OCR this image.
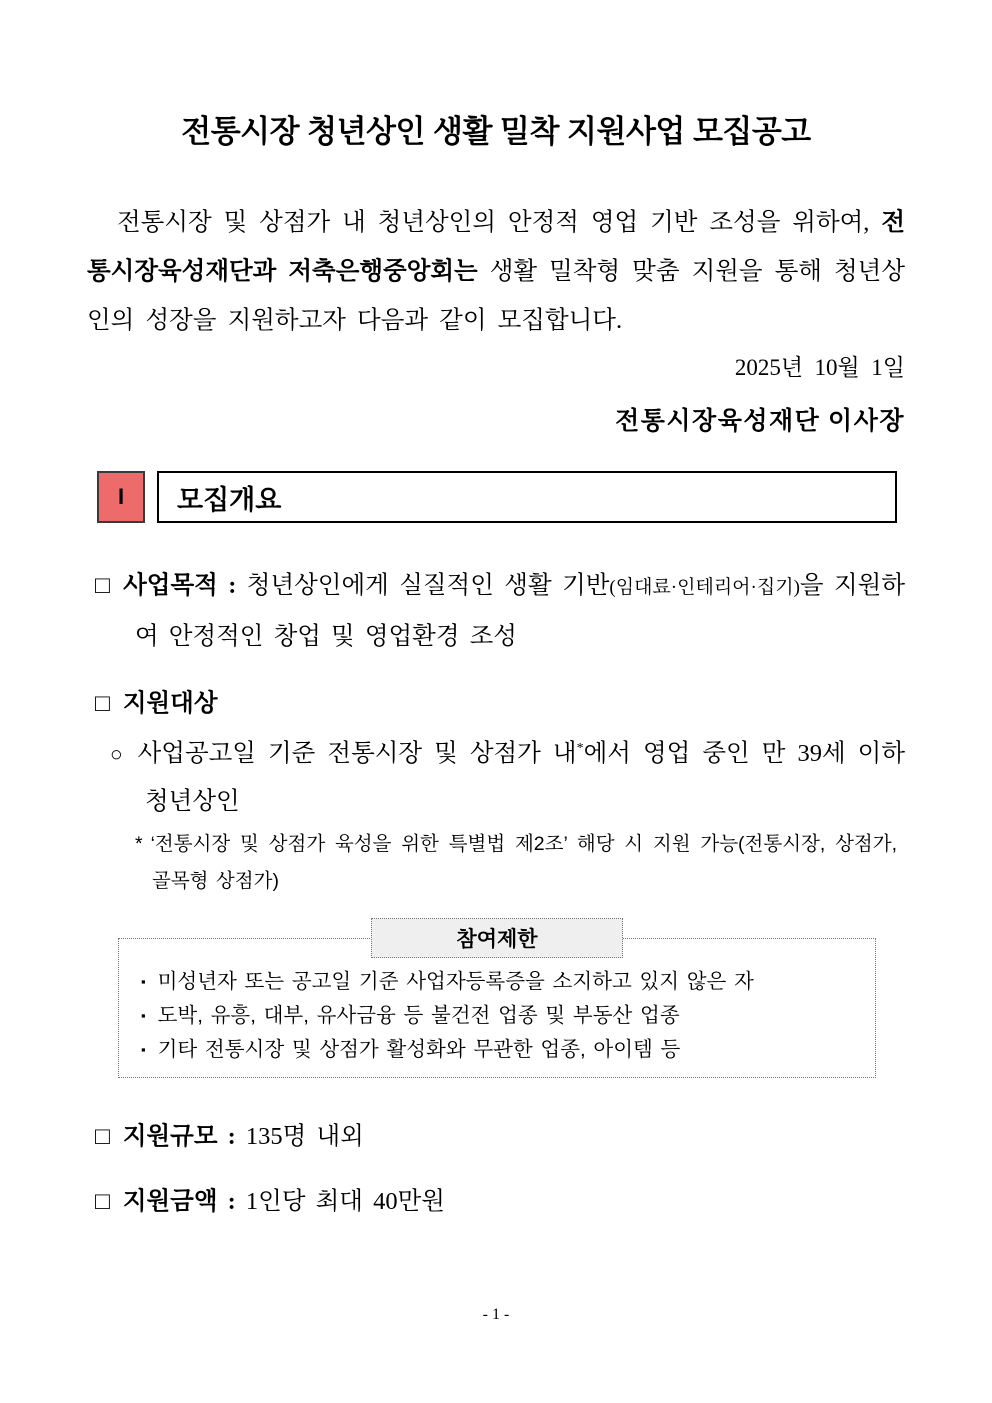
전통시장 청년상인 생활 밀착 지원사업 모집공고

전통시장 및 상점가 내 청년상인의 안정적 영업 기반 조성을 위하여, 전통시장육성재단과 저축은행중앙회는 생활 밀착형 맞춤 지원을 통해 청년상인의 성장을 지원하고자 다음과 같이 모집합니다.

2025년  10월  1일
전통시장육성재단 이사장
I	모집개요
□ 사업목적 : 청년상인에게 실질적인 생활 기반(임대료·인테리어·집기)을 지원하여 안정적인 창업 및 영업환경 조성
□ 지원대상
○ 사업공고일 기준 전통시장 및 상점가 내*에서 영업 중인 만 39세 이하 청년상인
* ‘전통시장 및 상점가 육성을 위한 특별법 제2조’ 해당 시 지원 가능(전통시장, 상점가, 골목형 상점가)
참여제한
▪ 미성년자 또는 공고일 기준 사업자등록증을 소지하고 있지 않은 자
▪ 도박, 유흥, 대부, 유사금융 등 불건전 업종 및 부동산 업종
▪ 기타 전통시장 및 상점가 활성화와 무관한 업종, 아이템 등
□ 지원규모 : 135명 내외
□ 지원금액 : 1인당 최대 40만원
- 1 -
